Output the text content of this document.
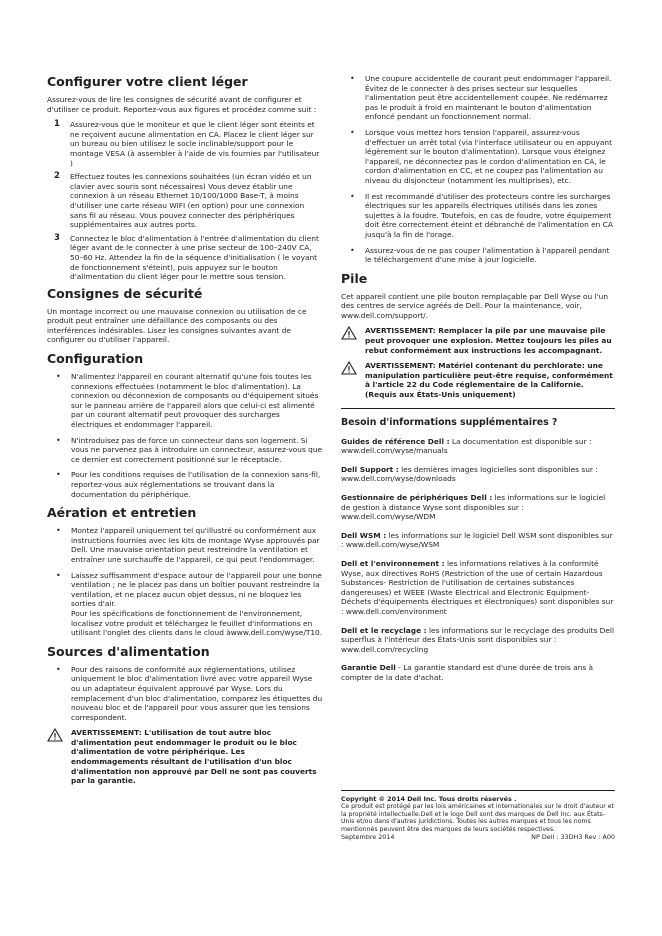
Configurer votre client léger

Assurez-vous de lire les consignes de sécurité avant de configurer et d'utiliser ce produit. Reportez-vous aux figures et procédez comme suit :

1 Assurez-vous que le moniteur et que le client léger sont éteints et ne reçoivent aucune alimentation en CA. Placez le client léger sur un bureau ou bien utilisez le socle inclinable/support pour le montage VESA (à assembler à l'aide de vis fournies par l'utilisateur )
2 Effectuez toutes les connexions souhaitées (un écran vidéo et un clavier avec souris sont nécessaires) Vous devez établir une connexion à un réseau Ethernet 10/100/1000 Base-T, à moins d'utiliser une carte réseau WIFI (en option) pour une connexion sans fil au réseau. Vous pouvez connecter des périphériques supplémentaires aux autres ports.
3 Connectez le bloc d'alimentation à l'entrée d'alimentation du client léger avant de le connecter à une prise secteur de 100–240V CA, 50–60 Hz. Attendez la fin de la séquence d'initialisation ( le voyant de fonctionnement s'éteint), puis appuyez sur le bouton d'alimentation du client léger pour le mettre sous tension.
Consignes de sécurité

Un montage incorrect ou une mauvaise connexion ou utilisation de ce produit peut entraîner une défaillance des composants ou des interférences indésirables. Lisez les consignes suivantes avant de configurer ou d'utiliser l'appareil.

Configuration
• N'alimentez l'appareil en courant alternatif qu'une fois toutes les connexions effectuées (notamment le bloc d'alimentation). La connexion ou déconnexion de composants ou d'équipement situés sur le panneau arrière de l'appareil alors que celui-ci est alimenté par un courant alternatif peut provoquer des surcharges électriques et endommager l'appareil.
• N'introduisez pas de force un connecteur dans son logement. Si vous ne parvenez pas à introduire un connecteur, assurez-vous que ce dernier est correctement positionné sur le réceptacle.
• Pour les conditions requises de l'utilisation de la connexion sans-fil, reportez-vous aux réglementations se trouvant dans la documentation du périphérique.
Aération et entretien
• Montez l'appareil uniquement tel qu'illustré ou conformément aux instructions fournies avec les kits de montage Wyse approuvés par Dell. Une mauvaise orientation peut restreindre la ventilation et entraîner une surchauffe de l'appareil, ce qui peut l'endommager.
• Laissez suffisamment d'espace autour de l'appareil pour une bonne ventilation ; ne le placez pas dans un boîtier pouvant restreindre la ventilation, et ne placez aucun objet dessus, ni ne bloquez les sorties d'air.
Pour les spécifications de fonctionnement de l'environnement, localisez votre produit et téléchargez le feuillet d'informations en utilisant l'onglet des clients dans le cloud àwww.dell.com/wyse/T10.
Sources d'alimentation
• Pour des raisons de conformité aux réglementations, utilisez uniquement le bloc d'alimentation livré avec votre appareil Wyse ou un adaptateur équivalent approuvé par Wyse. Lors du remplacement d'un bloc d'alimentation, comparez les étiquettes du nouveau bloc et de l'appareil pour vous assurer que les tensions correspondent.
AVERTISSEMENT: L'utilisation de tout autre bloc d'alimentation peut endommager le produit ou le bloc d'alimentation de votre périphérique. Les endommagements résultant de l'utilisation d'un bloc d'alimentation non approuvé par Dell ne sont pas couverts par la garantie.
• Une coupure accidentelle de courant peut endommager l'appareil. Évitez de le connecter à des prises secteur sur lesquelles l'alimentation peut être accidentellement coupée. Ne redémarrez pas le produit à froid en maintenant le bouton d'alimentation enfoncé pendant un fonctionnement normal.
• Lorsque vous mettez hors tension l'appareil, assurez-vous d'effectuer un arrêt total (via l'interface utilisateur ou en appuyant légèrement sur le bouton d'alimentation). Lorsque vous éteignez l'appareil, ne déconnectez pas le cordon d'alimentation en CA, le cordon d'alimentation en CC, et ne coupez pas l'alimentation au niveau du disjoncteur (notamment les multiprises), etc.
• Il est recommandé d'utiliser des protecteurs contre les surcharges électriques sur les appareils électriques utilisés dans les zones sujettes à la foudre. Toutefois, en cas de foudre, votre équipement doit être correctement éteint et débranché de l'alimentation en CA jusqu'à la fin de l'orage.
• Assurez-vous de ne pas couper l'alimentation à l'appareil pendant le téléchargement d'une mise à jour logicielle.
Pile

Cet appareil contient une pile bouton remplaçable par Dell Wyse ou l'un des centres de service agréés de Dell. Pour la maintenance, voir, www.dell.com/support/.

AVERTISSEMENT: Remplacer la pile par une mauvaise pile peut provoquer une explosion. Mettez toujours les piles au rebut conformément aux instructions les accompagnant.
AVERTISSEMENT: Matériel contenant du perchlorate: une manipulation particulière peut-être requise, conformément à l'article 22 du Code réglementaire de la Californie. (Requis aux États-Unis uniquement)
Besoin d'informations supplémentaires ?

Guides de référence Dell : La documentation est disponible sur : www.dell.com/wyse/manuals

Dell Support : les dernières images logicielles sont disponibles sur : www.dell.com/wyse/downloads

Gestionnaire de périphériques Dell : les informations sur le logiciel de gestion à distance Wyse sont disponibles sur : www.dell.com/wyse/WDM

Dell WSM : les informations sur le logiciel Dell WSM sont disponibles sur : www.dell.com/wyse/WSM

Dell et l'environnement : les informations relatives à la conformité Wyse, aux directives RoHS (Restriction of the use of certain Hazardous Substances- Restriction de l'utilisation de certaines substances dangereuses) et WEEE (Waste Electrical and Electronic Equipment- Déchets d'équipements électriques et électroniques) sont disponibles sur : www.dell.com/environment

Dell et le recyclage : les informations sur le recyclage des produits Dell superflus à l'intérieur des États-Unis sont disponibles sur : www.dell.com/recycling

Garantie Dell - La garantie standard est d'une durée de trois ans à compter de la date d'achat.

Copyright © 2014 Dell Inc. Tous droits réservés .
Ce produit est protégé par les lois américaines et internationales sur le droit d'auteur et la propriété intellectuelle.Dell et le logo Dell sont des marques de Dell Inc. aux États-Unis et/ou dans d'autres juridictions. Toutes les autres marques et tous les noms mentionnés peuvent être des marques de leurs sociétés respectives.
Septembre 2014	NP Dell : 33DH3 Rev : A00
